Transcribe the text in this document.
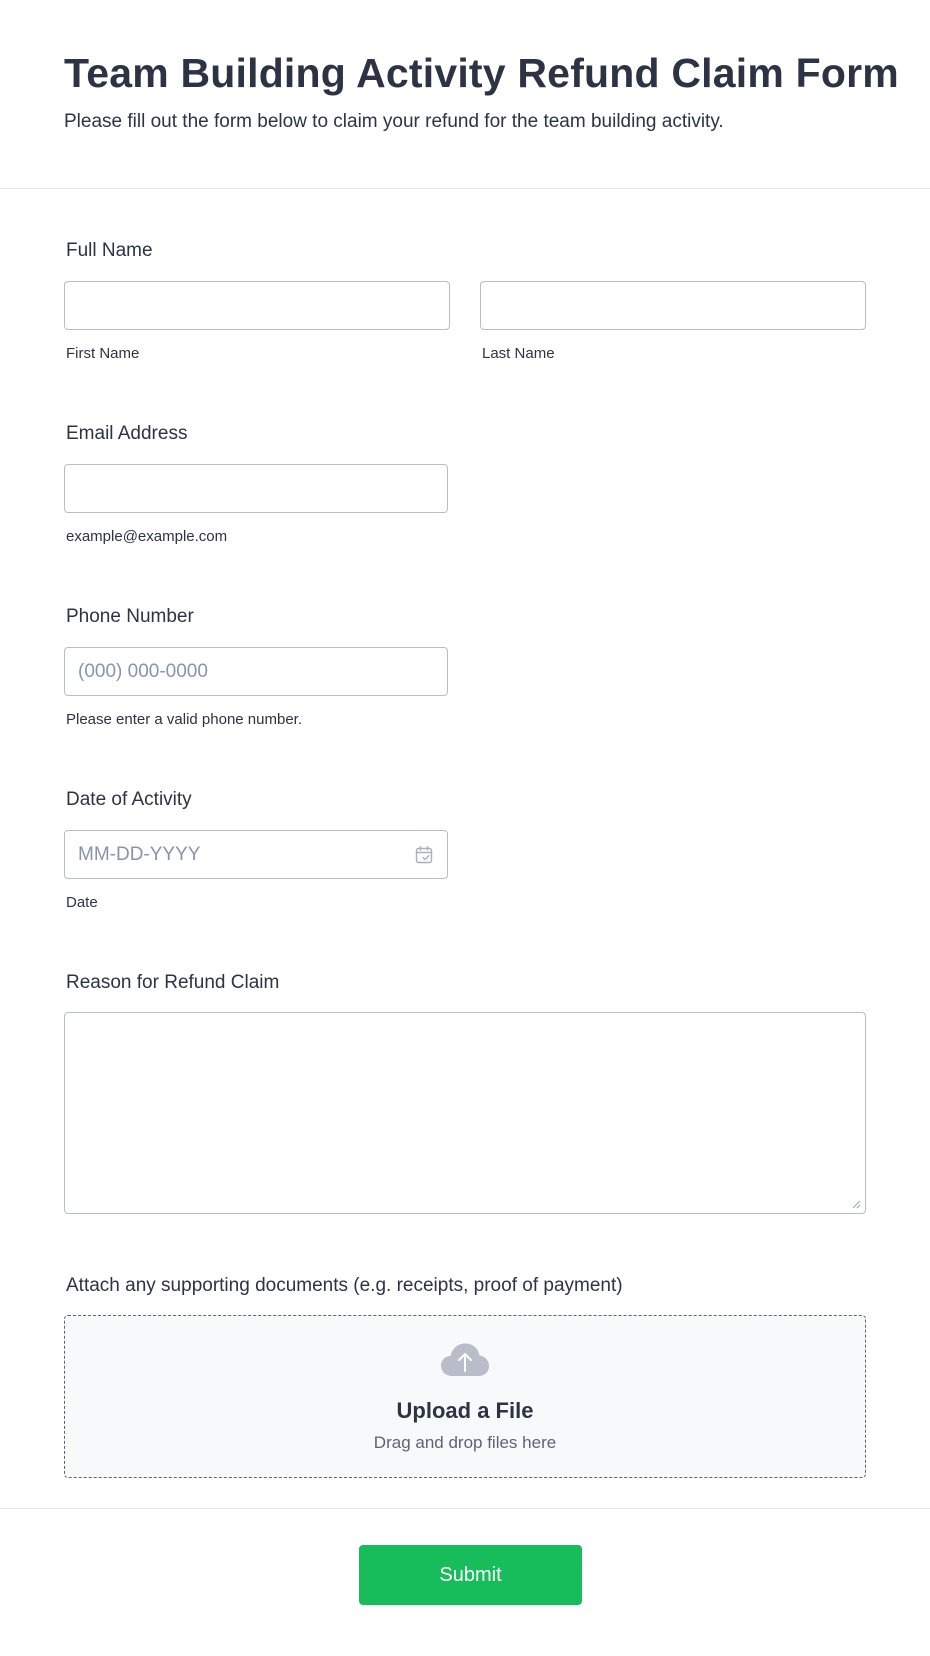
Team Building Activity Refund Claim Form

Please fill out the form below to claim your refund for the team building activity.

Full Name
First Name	Last Name
Email Address
example@example.com
Phone Number
(000) 000-0000
Please enter a valid phone number.
Date of Activity
MM-DD-YYYY
Date
Reason for Refund Claim
Attach any supporting documents (e.g. receipts, proof of payment)
Upload a File
Drag and drop files here
Submit
